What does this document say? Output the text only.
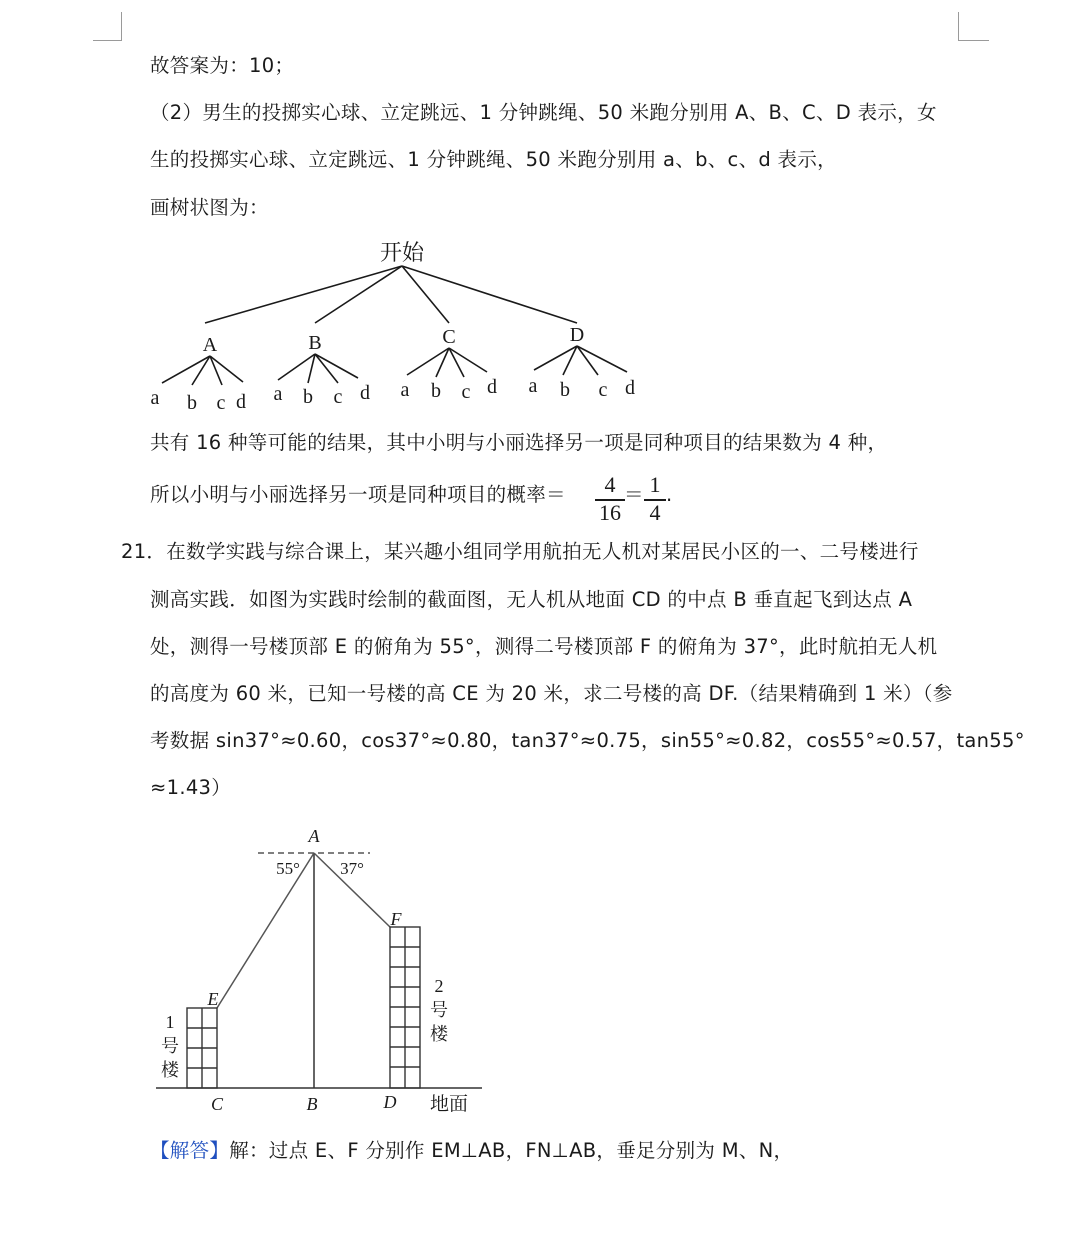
故答案为：10；
（2）男生的投掷实心球、立定跳远、1 分钟跳绳、50 米跑分别用 A、B、C、D 表示，女
生的投掷实心球、立定跳远、1 分钟跳绳、50 米跑分别用 a、b、c、d 表示，
画树状图为：
开始
A
a b c d
B
a b c d
C
a b c d
D
a b c d
共有 16 种等可能的结果，其中小明与小丽选择另一项是同种项目的结果数为 4 种，
所以小明与小丽选择另一项是同种项目的概率＝	4
16
＝ 1
4
.
21．在数学实践与综合课上，某兴趣小组同学用航拍无人机对某居民小区的一、二号楼进行
测高实践．如图为实践时绘制的截面图，无人机从地面 CD 的中点 B 垂直起飞到达点 A
处，测得一号楼顶部 E 的俯角为 55°，测得二号楼顶部 F 的俯角为 37°，此时航拍无人机
的高度为 60 米，已知一号楼的高 CE 为 20 米，求二号楼的高 DF.（结果精确到 1 米）（参
考数据 sin37°≈0.60，cos37°≈0.80，tan37°≈0.75，sin55°≈0.82，cos55°≈0.57，tan55°
≈1.43）
A
55° 37°
F
E
C	B	D 地面
1
号
楼
2
号
楼
【解答】解：过点 E、F 分别作 EM⊥AB，FN⊥AB，垂足分别为 M、N，
